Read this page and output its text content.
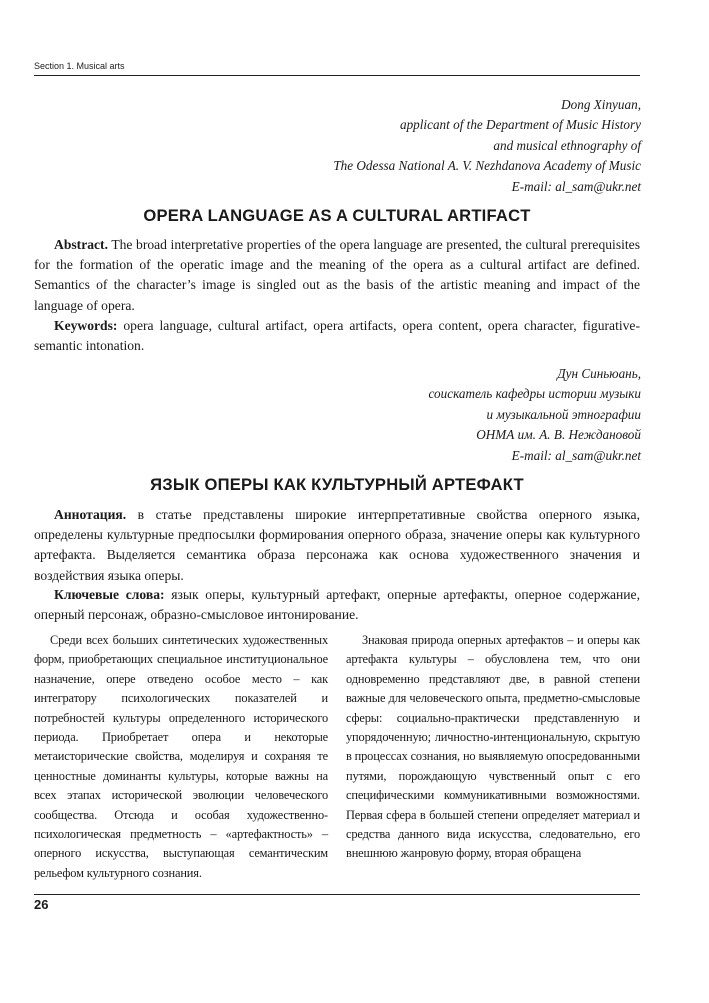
Section 1. Musical arts
Dong Xinyuan,
applicant of the Department of Music History
and musical ethnography of
The Odessa National A. V. Nezhdanova Academy of Music
E-mail: al_sam@ukr.net
OPERA LANGUAGE AS A CULTURAL ARTIFACT

Abstract. The broad interpretative properties of the opera language are presented, the cultural prerequisites for the formation of the operatic image and the meaning of the opera as a cultural artifact are defined. Semantics of the character’s image is singled out as the basis of the artistic meaning and impact of the language of opera.

Keywords: opera language, cultural artifact, opera artifacts, opera content, opera character, figurative-semantic intonation.

Дун Синьюань,
соискатель кафедры истории музыки
и музыкальной этнографии
ОНМА им. А. В. Неждановой
E-mail: al_sam@ukr.net
ЯЗЫК ОПЕРЫ КАК КУЛЬТУРНЫЙ АРТЕФАКТ

Аннотация. в статье представлены широкие интерпретативные свойства оперного языка, определены культурные предпосылки формирования оперного образа, значение оперы как культурного артефакта. Выделяется семантика образа персонажа как основа художественного значения и воздействия языка оперы.

Ключевые слова: язык оперы, культурный артефакт, оперные артефакты, оперное содержание, оперный персонаж, образно-смысловое интонирование.

Среди всех больших синтетических художественных форм, приобретающих специальное институциональное назначение, опере отведено особое место – как интегратору психологических показателей и потребностей культуры определенного исторического периода. Приобретает опера и некоторые метаисторические свойства, моделируя и сохраняя те ценностные доминанты культуры, которые важны на всех этапах исторической эволюции человеческого сообщества. Отсюда и особая художественно-психологическая предметность – «артефактность» – оперного искусства, выступающая семантическим рельефом культурного сознания.

Знаковая природа оперных артефактов – и оперы как артефакта культуры – обусловлена тем, что они одновременно представляют две, в равной степени важные для человеческого опыта, предметно-смысловые сферы: социально-практически представленную и упорядоченную; личностно-интенциональную, скрытую в процессах сознания, но выявляемую опосредованными путями, порождающую чувственный опыт с его специфическими коммуникативными возможностями. Первая сфера в большей степени определяет материал и средства данного вида искусства, следовательно, его внешнюю жанровую форму, вторая обращена

26
